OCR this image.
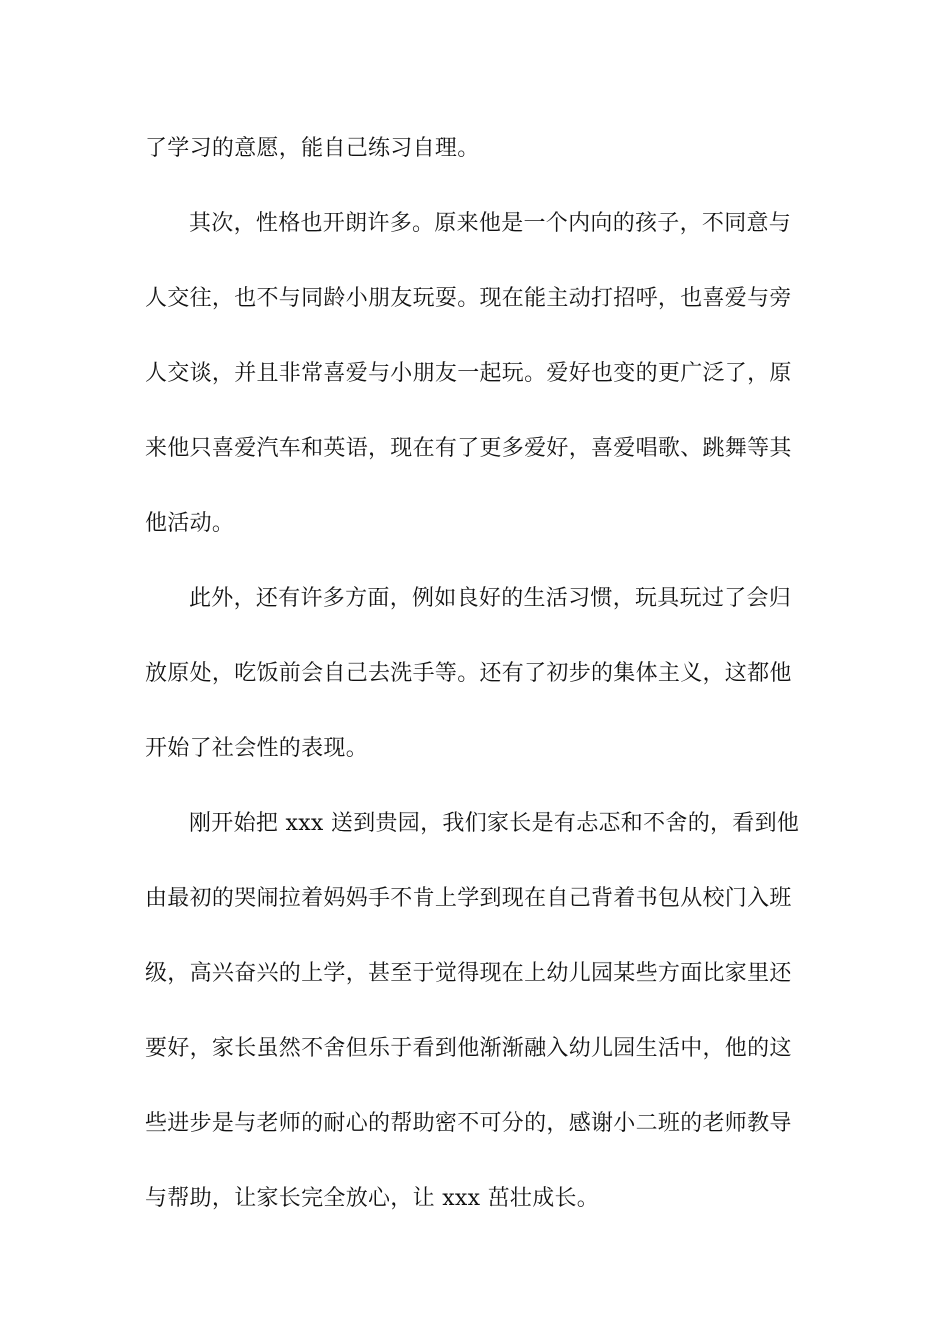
了学习的意愿，能自己练习自理。
其次，性格也开朗许多。原来他是一个内向的孩子，不同意与
人交往，也不与同龄小朋友玩耍。现在能主动打招呼，也喜爱与旁
人交谈，并且非常喜爱与小朋友一起玩。爱好也变的更广泛了，原
来他只喜爱汽车和英语，现在有了更多爱好，喜爱唱歌、跳舞等其
他活动。
此外，还有许多方面，例如良好的生活习惯，玩具玩过了会归
放原处，吃饭前会自己去洗手等。还有了初步的集体主义，这都他
开始了社会性的表现。
刚开始把 xxx 送到贵园，我们家长是有忐忑和不舍的，看到他
由最初的哭闹拉着妈妈手不肯上学到现在自己背着书包从校门入班
级，高兴奋兴的上学，甚至于觉得现在上幼儿园某些方面比家里还
要好，家长虽然不舍但乐于看到他渐渐融入幼儿园生活中，他的这
些进步是与老师的耐心的帮助密不可分的，感谢小二班的老师教导
与帮助，让家长完全放心，让 xxx 茁壮成长。
